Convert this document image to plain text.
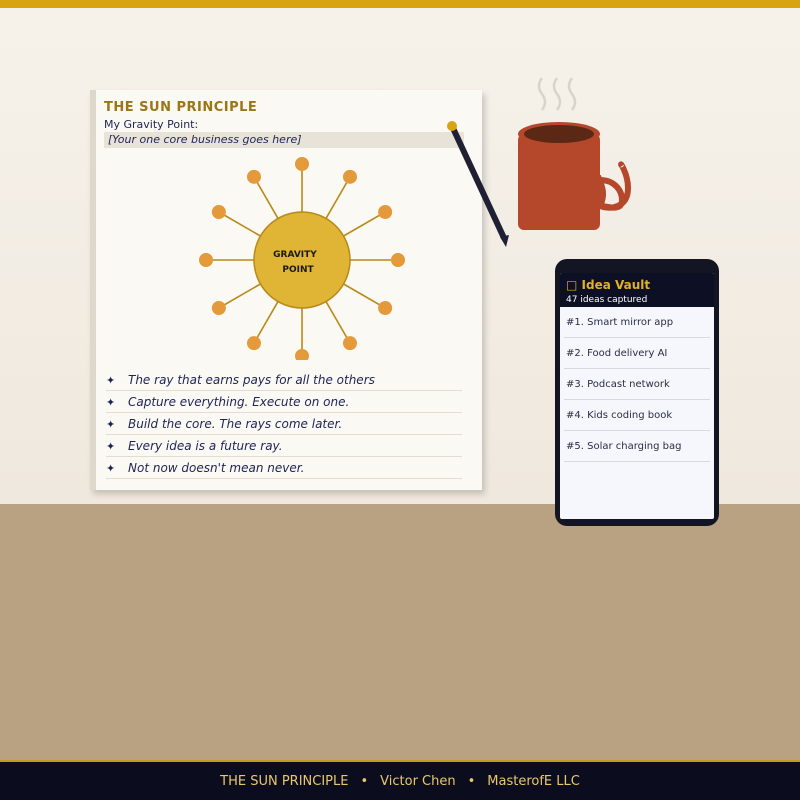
THE SUN PRINCIPLE
My Gravity Point:
[Your one core business goes here]
GRAVITY
POINT
✦	The ray that earns pays for all the others
✦	Capture everything. Execute on one.
✦	Build the core. The rays come later.
✦	Every idea is a future ray.
✦	Not now doesn't mean never.
□ Idea Vault
47 ideas captured
#1. Smart mirror app
#2. Food delivery AI
#3. Podcast network
#4. Kids coding book
#5. Solar charging bag
THE SUN PRINCIPLE • Victor Chen • MasterofE LLC
